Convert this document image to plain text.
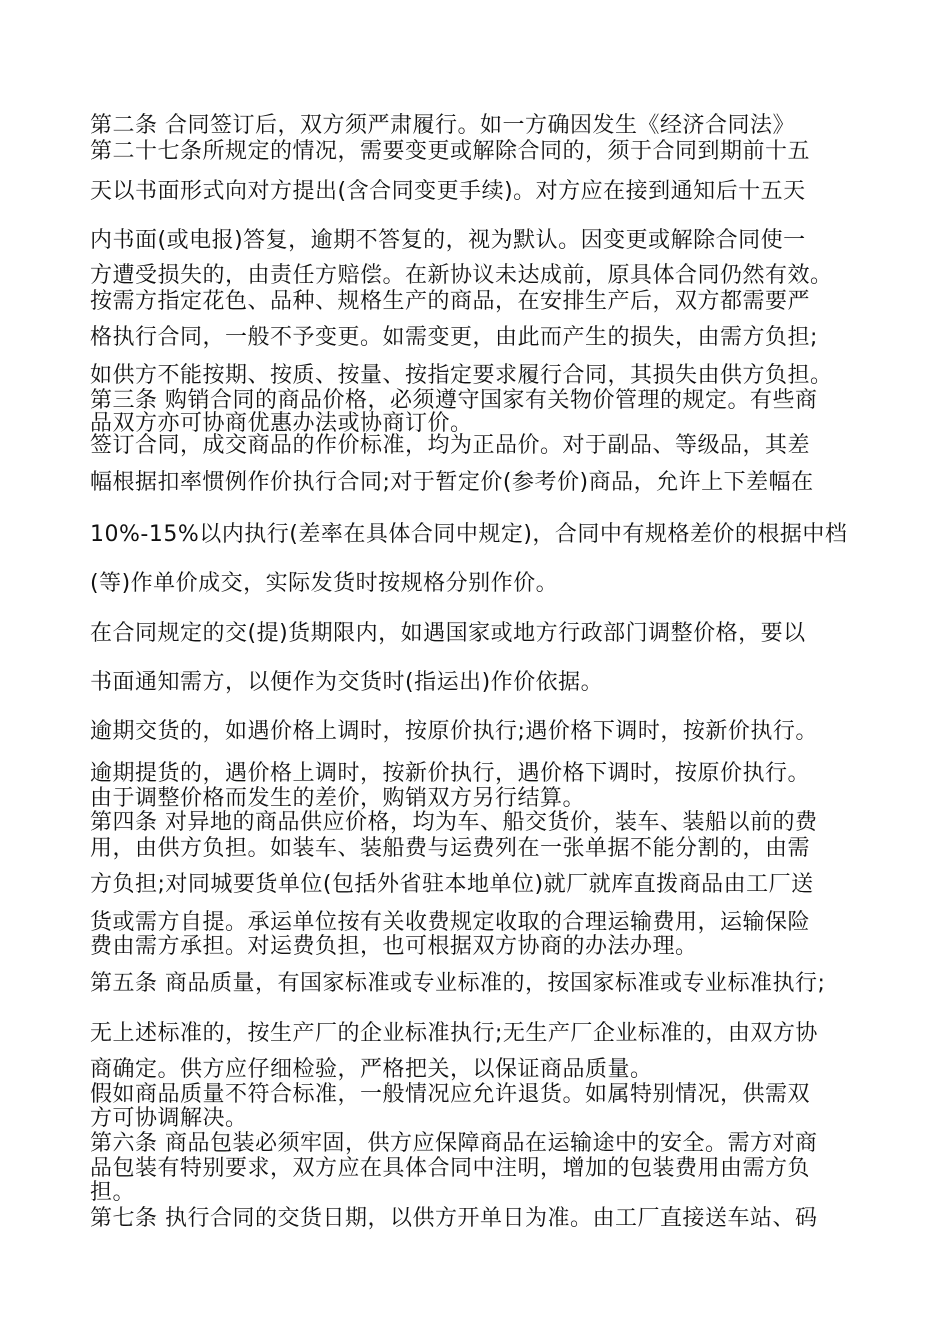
第二条 合同签订后，双方须严肃履行。如一方确因发生《经济合同法》
第二十七条所规定的情况，需要变更或解除合同的，须于合同到期前十五
天以书面形式向对方提出(含合同变更手续)。对方应在接到通知后十五天
内书面(或电报)答复，逾期不答复的，视为默认。因变更或解除合同使一
方遭受损失的，由责任方赔偿。在新协议未达成前，原具体合同仍然有效。
按需方指定花色、品种、规格生产的商品，在安排生产后，双方都需要严
格执行合同，一般不予变更。如需变更，由此而产生的损失，由需方负担;
如供方不能按期、按质、按量、按指定要求履行合同，其损失由供方负担。
第三条 购销合同的商品价格，必须遵守国家有关物价管理的规定。有些商
品双方亦可协商优惠办法或协商订价。
签订合同，成交商品的作价标准，均为正品价。对于副品、等级品，其差
幅根据扣率惯例作价执行合同;对于暂定价(参考价)商品，允许上下差幅在
10%-15%以内执行(差率在具体合同中规定)，合同中有规格差价的根据中档
(等)作单价成交，实际发货时按规格分别作价。
在合同规定的交(提)货期限内，如遇国家或地方行政部门调整价格，要以
书面通知需方，以便作为交货时(指运出)作价依据。
逾期交货的，如遇价格上调时，按原价执行;遇价格下调时，按新价执行。
逾期提货的，遇价格上调时，按新价执行，遇价格下调时，按原价执行。
由于调整价格而发生的差价，购销双方另行结算。
第四条 对异地的商品供应价格，均为车、船交货价，装车、装船以前的费
用，由供方负担。如装车、装船费与运费列在一张单据不能分割的，由需
方负担;对同城要货单位(包括外省驻本地单位)就厂就库直拨商品由工厂送
货或需方自提。承运单位按有关收费规定收取的合理运输费用，运输保险
费由需方承担。对运费负担，也可根据双方协商的办法办理。
第五条 商品质量，有国家标准或专业标准的，按国家标准或专业标准执行;
无上述标准的，按生产厂的企业标准执行;无生产厂企业标准的，由双方协
商确定。供方应仔细检验，严格把关，以保证商品质量。
假如商品质量不符合标准，一般情况应允许退货。如属特别情况，供需双
方可协调解决。
第六条 商品包装必须牢固，供方应保障商品在运输途中的安全。需方对商
品包装有特别要求，双方应在具体合同中注明，增加的包装费用由需方负
担。
第七条 执行合同的交货日期，以供方开单日为准。由工厂直接送车站、码
